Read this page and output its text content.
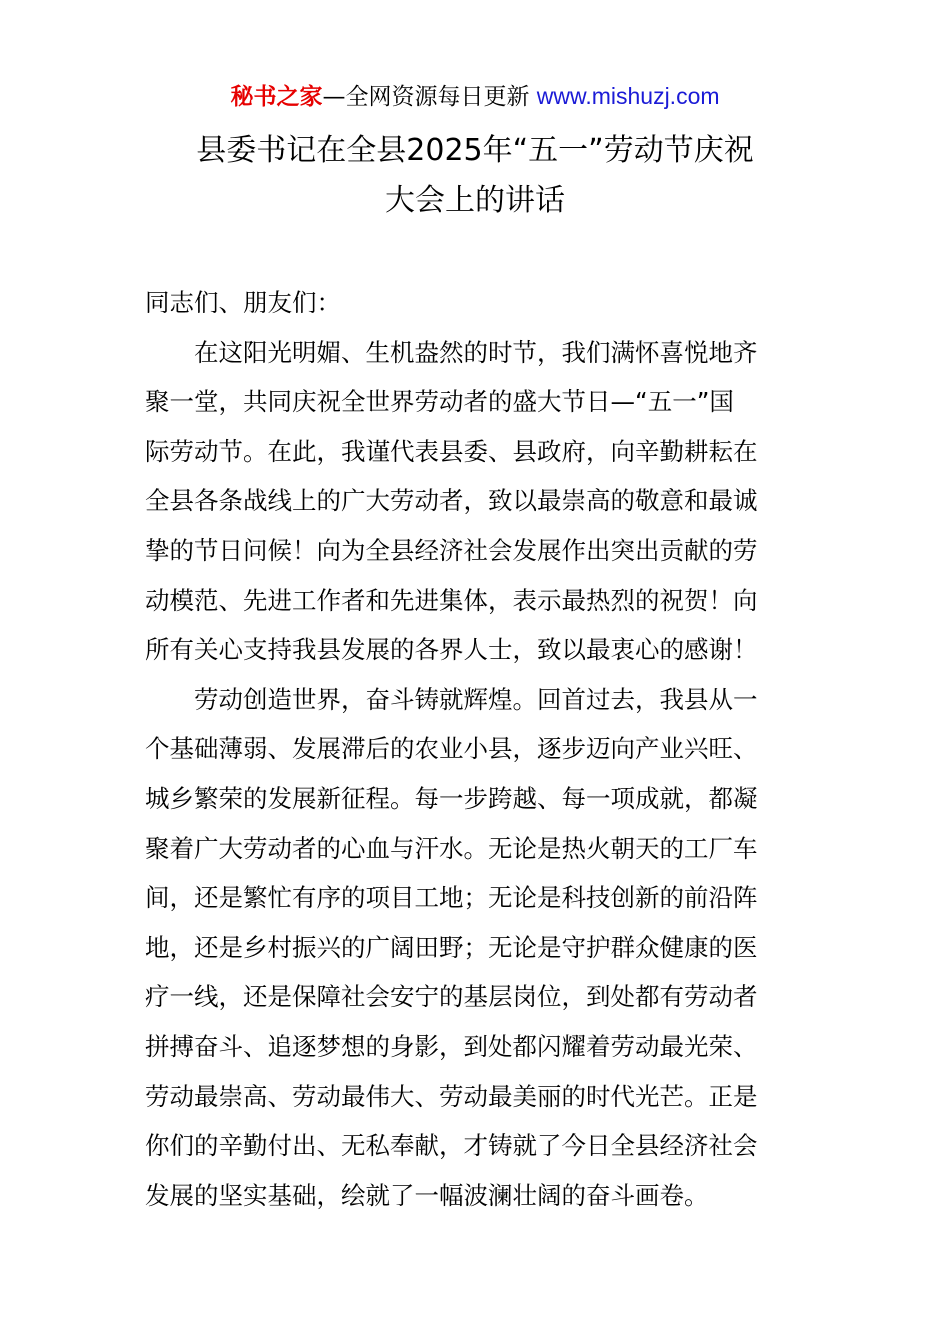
秘书之家—全网资源每日更新 www.mishuzj.com
县委书记在全县2025年“五一”劳动节庆祝
大会上的讲话
同志们、朋友们：
在这阳光明媚、生机盎然的时节，我们满怀喜悦地齐
聚一堂，共同庆祝全世界劳动者的盛大节日—“五一”国
际劳动节。在此，我谨代表县委、县政府，向辛勤耕耘在
全县各条战线上的广大劳动者，致以最崇高的敬意和最诚
挚的节日问候！向为全县经济社会发展作出突出贡献的劳
动模范、先进工作者和先进集体，表示最热烈的祝贺！向
所有关心支持我县发展的各界人士，致以最衷心的感谢！
劳动创造世界，奋斗铸就辉煌。回首过去，我县从一
个基础薄弱、发展滞后的农业小县，逐步迈向产业兴旺、
城乡繁荣的发展新征程。每一步跨越、每一项成就，都凝
聚着广大劳动者的心血与汗水。无论是热火朝天的工厂车
间，还是繁忙有序的项目工地；无论是科技创新的前沿阵
地，还是乡村振兴的广阔田野；无论是守护群众健康的医
疗一线，还是保障社会安宁的基层岗位，到处都有劳动者
拼搏奋斗、追逐梦想的身影，到处都闪耀着劳动最光荣、
劳动最崇高、劳动最伟大、劳动最美丽的时代光芒。正是
你们的辛勤付出、无私奉献，才铸就了今日全县经济社会
发展的坚实基础，绘就了一幅波澜壮阔的奋斗画卷。
